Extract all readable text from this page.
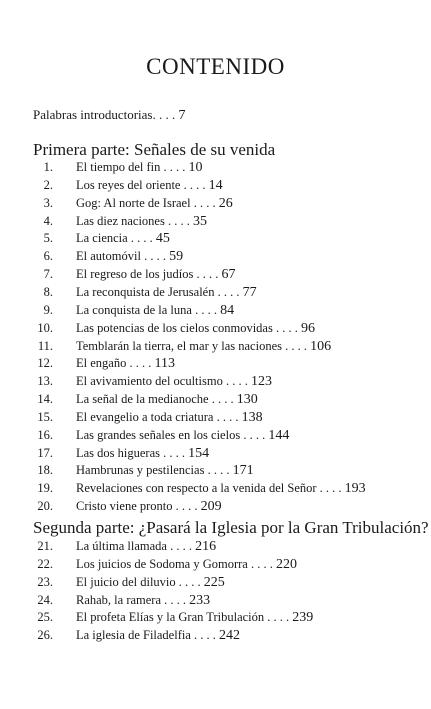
CONTENIDO
Palabras introductorias. . . . 7
Primera parte: Señales de su venida
1. El tiempo del fin . . . . 10
2. Los reyes del oriente . . . . 14
3. Gog: Al norte de Israel . . . . 26
4. Las diez naciones . . . . 35
5. La ciencia . . . . 45
6. El automóvil . . . . 59
7. El regreso de los judíos . . . . 67
8. La reconquista de Jerusalén . . . . 77
9. La conquista de la luna . . . . 84
10. Las potencias de los cielos conmovidas . . . . 96
11. Temblarán la tierra, el mar y las naciones . . . . 106
12. El engaño . . . . 113
13. El avivamiento del ocultismo . . . . 123
14. La señal de la medianoche . . . . 130
15. El evangelio a toda criatura . . . . 138
16. Las grandes señales en los cielos . . . . 144
17. Las dos higueras . . . . 154
18. Hambrunas y pestilencias . . . . 171
19. Revelaciones con respecto a la venida del Señor . . . . 193
20. Cristo viene pronto . . . . 209
Segunda parte: ¿Pasará la Iglesia por la Gran Tribulación?
21. La última llamada . . . . 216
22. Los juicios de Sodoma y Gomorra . . . . 220
23. El juicio del diluvio . . . . 225
24. Rahab, la ramera . . . . 233
25. El profeta Elías y la Gran Tribulación . . . . 239
26. La iglesia de Filadelfia . . . . 242
